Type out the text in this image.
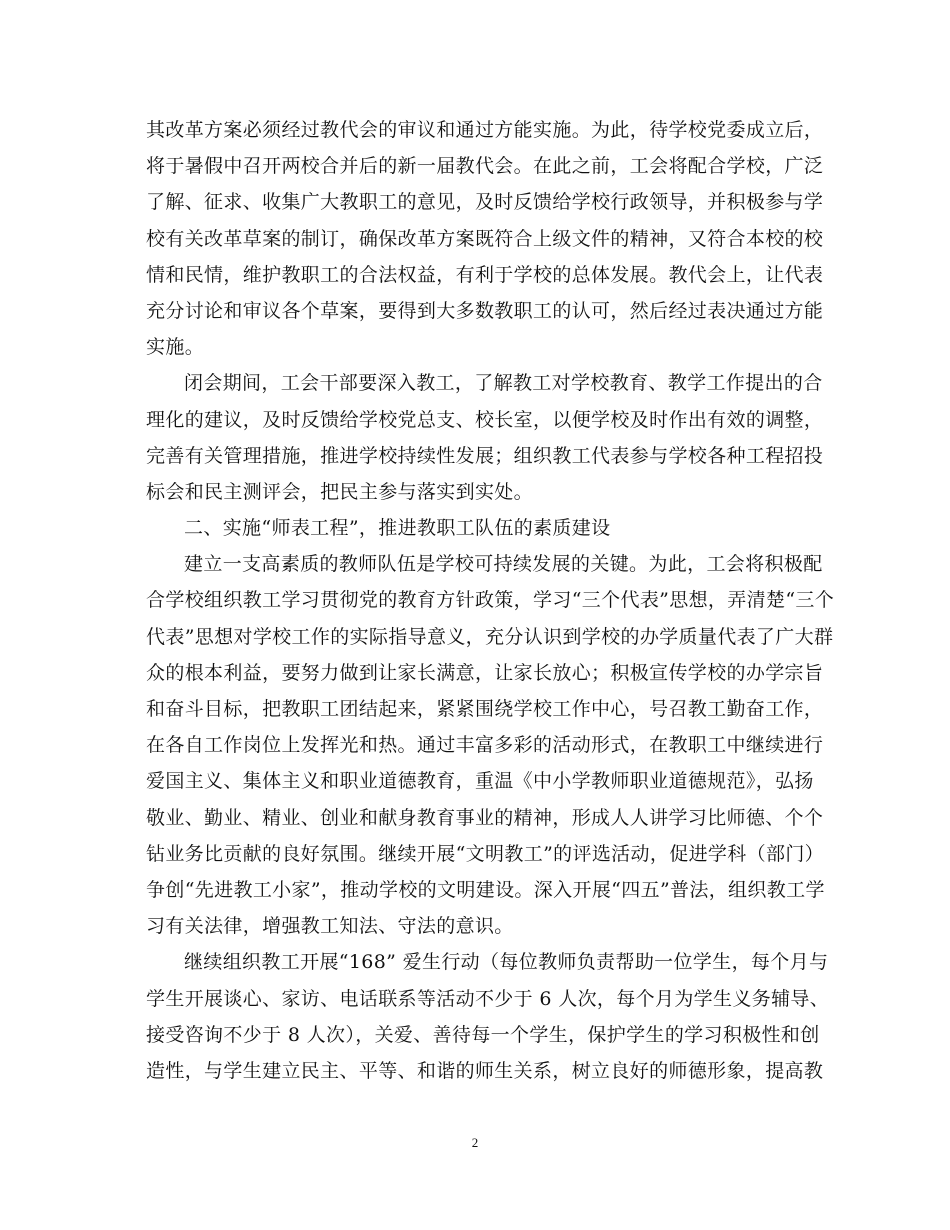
其改革方案必须经过教代会的审议和通过方能实施。为此，待学校党委成立后，
将于暑假中召开两校合并后的新一届教代会。在此之前，工会将配合学校，广泛
了解、征求、收集广大教职工的意见，及时反馈给学校行政领导，并积极参与学
校有关改革草案的制订，确保改革方案既符合上级文件的精神，又符合本校的校
情和民情，维护教职工的合法权益，有利于学校的总体发展。教代会上，让代表
充分讨论和审议各个草案，要得到大多数教职工的认可，然后经过表决通过方能
实施。
闭会期间，工会干部要深入教工，了解教工对学校教育、教学工作提出的合
理化的建议，及时反馈给学校党总支、校长室，以便学校及时作出有效的调整，
完善有关管理措施，推进学校持续性发展；组织教工代表参与学校各种工程招投
标会和民主测评会，把民主参与落实到实处。
二、实施“师表工程”，推进教职工队伍的素质建设
建立一支高素质的教师队伍是学校可持续发展的关键。为此，工会将积极配
合学校组织教工学习贯彻党的教育方针政策，学习“三个代表”思想，弄清楚“三个
代表”思想对学校工作的实际指导意义，充分认识到学校的办学质量代表了广大群
众的根本利益，要努力做到让家长满意，让家长放心；积极宣传学校的办学宗旨
和奋斗目标，把教职工团结起来，紧紧围绕学校工作中心，号召教工勤奋工作，
在各自工作岗位上发挥光和热。通过丰富多彩的活动形式，在教职工中继续进行
爱国主义、集体主义和职业道德教育，重温《中小学教师职业道德规范》，弘扬
敬业、勤业、精业、创业和献身教育事业的精神，形成人人讲学习比师德、个个
钻业务比贡献的良好氛围。继续开展“文明教工”的评选活动，促进学科（部门）
争创“先进教工小家”，推动学校的文明建设。深入开展“四五”普法，组织教工学
习有关法律，增强教工知法、守法的意识。
继续组织教工开展“168” 爱生行动（每位教师负责帮助一位学生，每个月与
学生开展谈心、家访、电话联系等活动不少于 6 人次，每个月为学生义务辅导、
接受咨询不少于 8 人次），关爱、善待每一个学生，保护学生的学习积极性和创
造性，与学生建立民主、平等、和谐的师生关系，树立良好的师德形象，提高教
2
